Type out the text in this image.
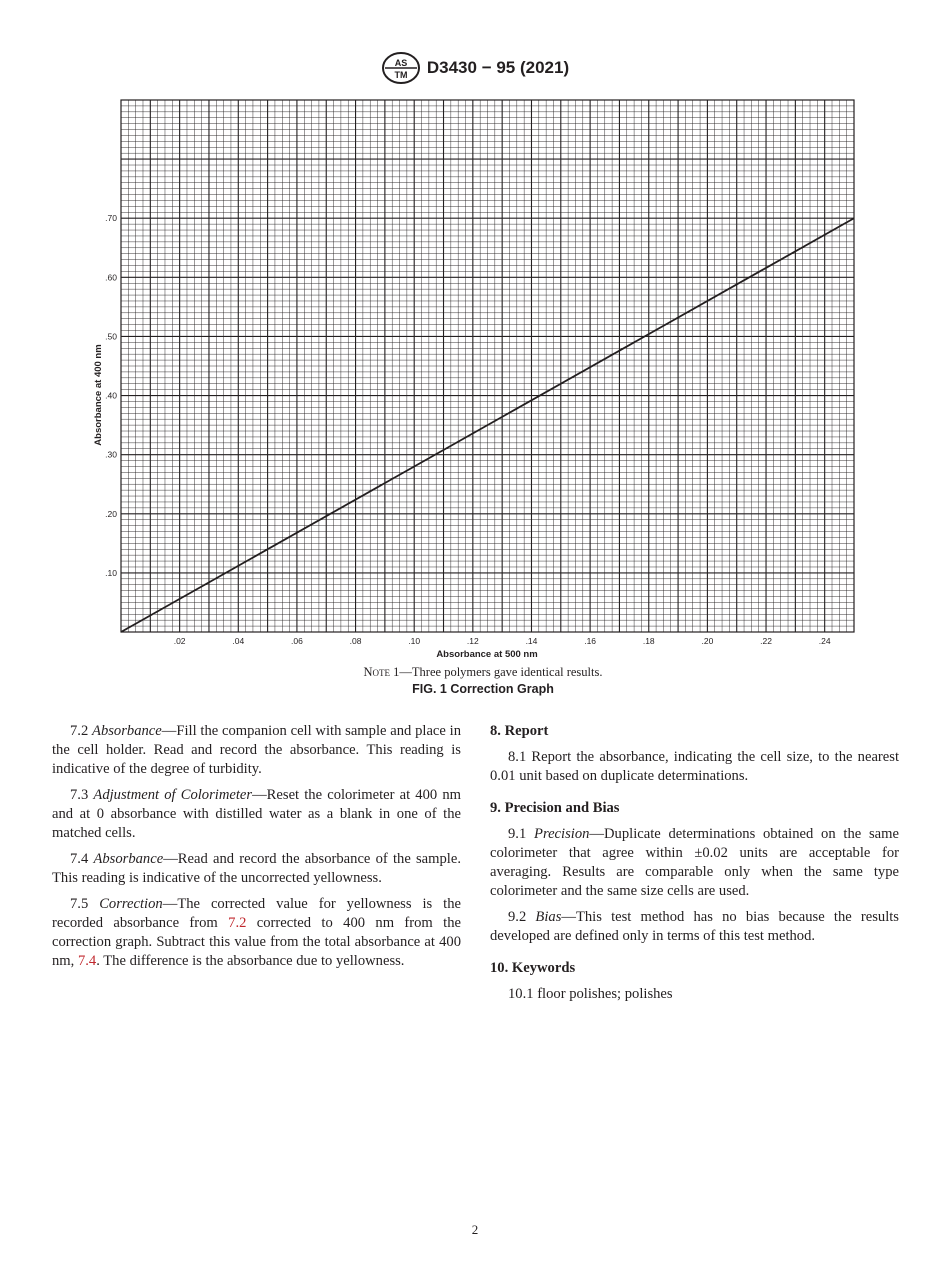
AS
TM D3430 − 95 (2021)
.02	.04	.06	.08	.10	.12	.14	.16	.18	.20	.22	.24
.10
.20
.30
.40
.50
.60
.70
Absorbance at 500 nm
Absorbance at 400 nm
Note 1—Three polymers gave identical results.
FIG. 1 Correction Graph

7.2 Absorbance—Fill the companion cell with sample and place in the cell holder. Read and record the absorbance. This reading is indicative of the degree of turbidity.

7.3 Adjustment of Colorimeter—Reset the colorimeter at 400 nm and at 0 absorbance with distilled water as a blank in one of the matched cells.

7.4 Absorbance—Read and record the absorbance of the sample. This reading is indicative of the uncorrected yellowness.

7.5 Correction—The corrected value for yellowness is the recorded absorbance from 7.2 corrected to 400 nm from the correction graph. Subtract this value from the total absorbance at 400 nm, 7.4. The difference is the absorbance due to yellowness.

8. Report

8.1 Report the absorbance, indicating the cell size, to the nearest 0.01 unit based on duplicate determinations.

9. Precision and Bias

9.1 Precision—Duplicate determinations obtained on the same colorimeter that agree within ±0.02 units are acceptable for averaging. Results are comparable only when the same type colorimeter and the same size cells are used.

9.2 Bias—This test method has no bias because the results developed are defined only in terms of this test method.

10. Keywords

10.1 floor polishes; polishes

2
